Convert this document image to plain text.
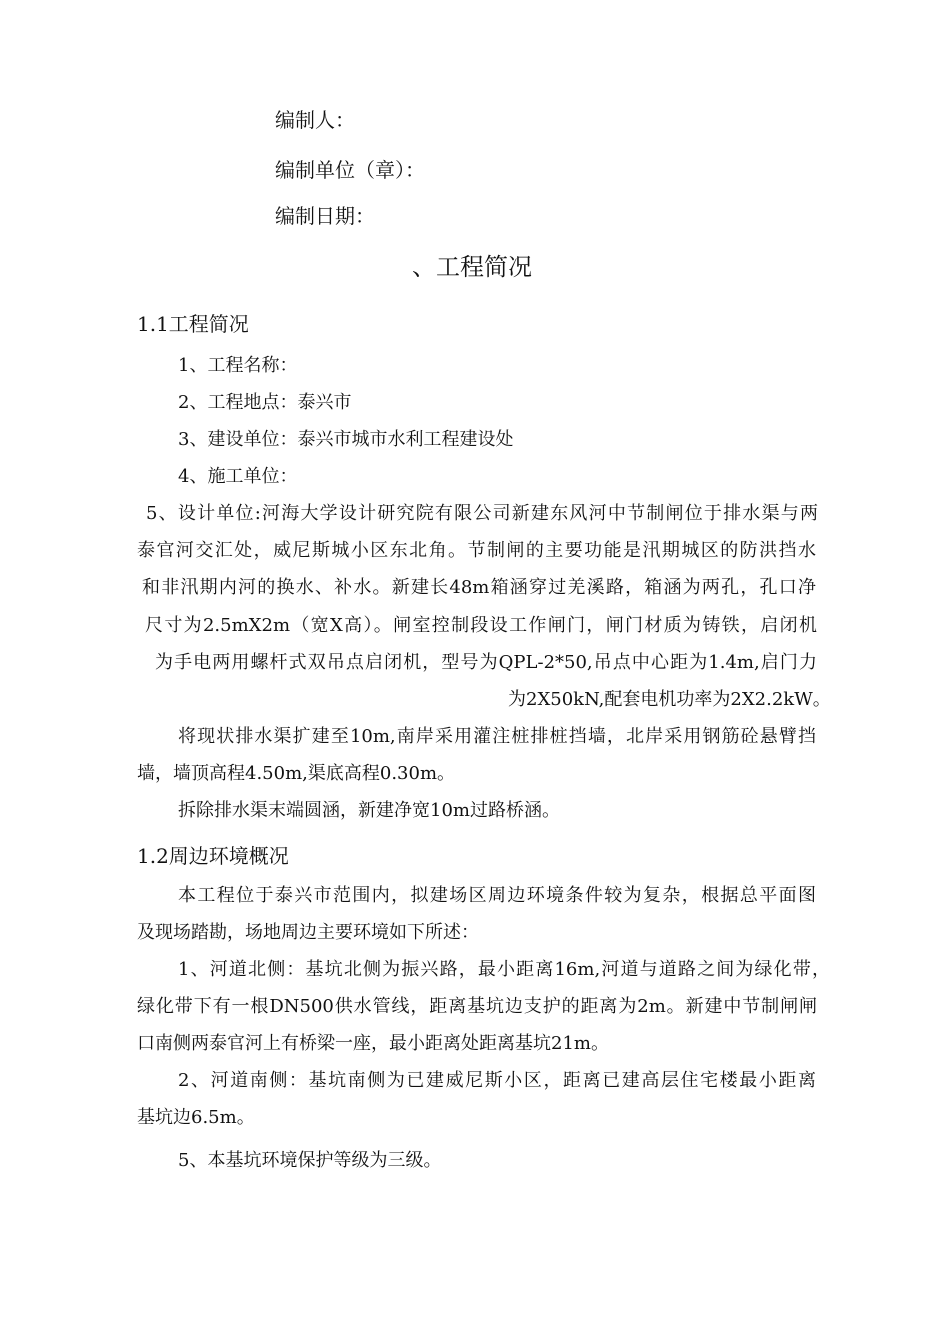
编制人：
编制单位（章）：
编制日期：
、工程简况
1.1工程简况
1、工程名称：
2、工程地点：泰兴市
3、建设单位：泰兴市城市水利工程建设处
4、施工单位：
5、设计单位:河海大学设计研究院有限公司新建东风河中节制闸位于排水渠与两
泰官河交汇处，威尼斯城小区东北角。节制闸的主要功能是汛期城区的防洪挡水
和非汛期内河的换水、补水。新建长48m箱涵穿过羌溪路，箱涵为两孔，孔口净
尺寸为2.5mX2m（宽X高）。闸室控制段设工作闸门，闸门材质为铸铁，启闭机
为手电两用螺杆式双吊点启闭机，型号为QPL-2*50,吊点中心距为1.4m,启门力
为2X50kN,配套电机功率为2X2.2kW。
将现状排水渠扩建至10m,南岸采用灌注桩排桩挡墙，北岸采用钢筋砼悬臂挡
墙，墙顶高程4.50m,渠底高程0.30m。
拆除排水渠末端圆涵，新建净宽10m过路桥涵。
1.2周边环境概况
本工程位于泰兴市范围内，拟建场区周边环境条件较为复杂，根据总平面图
及现场踏勘，场地周边主要环境如下所述：
1、河道北侧：基坑北侧为振兴路，最小距离16m,河道与道路之间为绿化带，
绿化带下有一根DN500供水管线，距离基坑边支护的距离为2m。新建中节制闸闸
口南侧两泰官河上有桥梁一座，最小距离处距离基坑21m。
2、河道南侧：基坑南侧为已建威尼斯小区，距离已建高层住宅楼最小距离
基坑边6.5m。
5、本基坑环境保护等级为三级。
